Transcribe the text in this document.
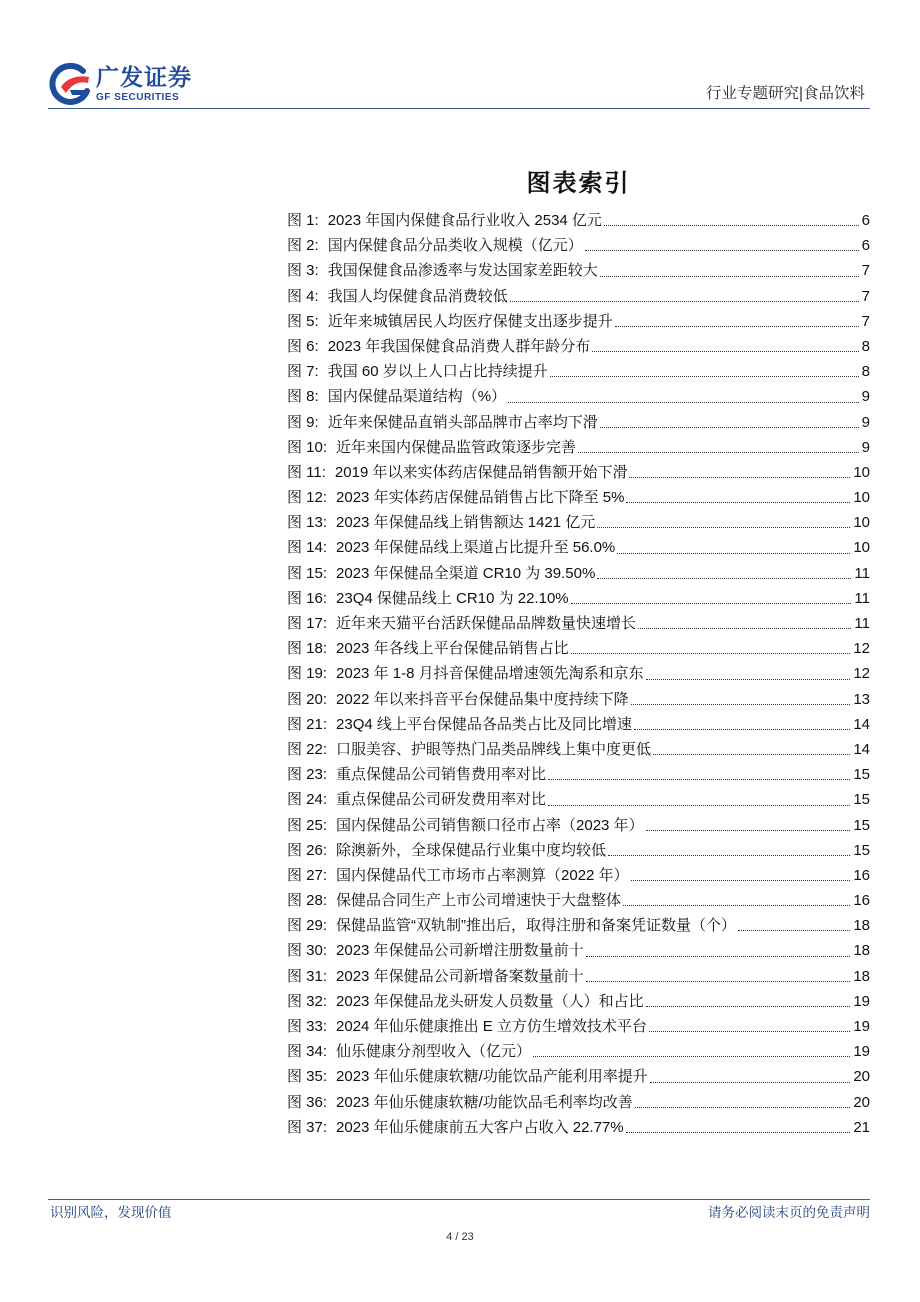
广发证券
GF SECURITIES	行业专题研究|食品饮料
图表索引
图 1: 2023 年国内保健食品行业收入 2534 亿元	6
图 2: 国内保健食品分品类收入规模（亿元）	6
图 3: 我国保健食品渗透率与发达国家差距较大	7
图 4: 我国人均保健食品消费较低	7
图 5: 近年来城镇居民人均医疗保健支出逐步提升	7
图 6: 2023 年我国保健食品消费人群年龄分布	8
图 7: 我国 60 岁以上人口占比持续提升	8
图 8: 国内保健品渠道结构（%）	9
图 9: 近年来保健品直销头部品牌市占率均下滑	9
图 10: 近年来国内保健品监管政策逐步完善	9
图 11: 2019 年以来实体药店保健品销售额开始下滑	10
图 12: 2023 年实体药店保健品销售占比下降至 5%	10
图 13: 2023 年保健品线上销售额达 1421 亿元	10
图 14: 2023 年保健品线上渠道占比提升至 56.0%	10
图 15: 2023 年保健品全渠道 CR10 为 39.50%	11
图 16: 23Q4 保健品线上 CR10 为 22.10%	11
图 17: 近年来天猫平台活跃保健品品牌数量快速增长	11
图 18: 2023 年各线上平台保健品销售占比	12
图 19: 2023 年 1-8 月抖音保健品增速领先淘系和京东	12
图 20: 2022 年以来抖音平台保健品集中度持续下降	13
图 21: 23Q4 线上平台保健品各品类占比及同比增速	14
图 22: 口服美容、护眼等热门品类品牌线上集中度更低	14
图 23: 重点保健品公司销售费用率对比	15
图 24: 重点保健品公司研发费用率对比	15
图 25: 国内保健品公司销售额口径市占率（2023 年）	15
图 26: 除澳新外，全球保健品行业集中度均较低	15
图 27: 国内保健品代工市场市占率测算（2022 年）	16
图 28: 保健品合同生产上市公司增速快于大盘整体	16
图 29: 保健品监管“双轨制”推出后，取得注册和备案凭证数量（个）	18
图 30: 2023 年保健品公司新增注册数量前十	18
图 31: 2023 年保健品公司新增备案数量前十	18
图 32: 2023 年保健品龙头研发人员数量（人）和占比	19
图 33: 2024 年仙乐健康推出 E 立方仿生增效技术平台	19
图 34: 仙乐健康分剂型收入（亿元）	19
图 35: 2023 年仙乐健康软糖/功能饮品产能利用率提升	20
图 36: 2023 年仙乐健康软糖/功能饮品毛利率均改善	20
图 37: 2023 年仙乐健康前五大客户占收入 22.77%	21
识别风险，发现价值	请务必阅读末页的免责声明
4 / 23
